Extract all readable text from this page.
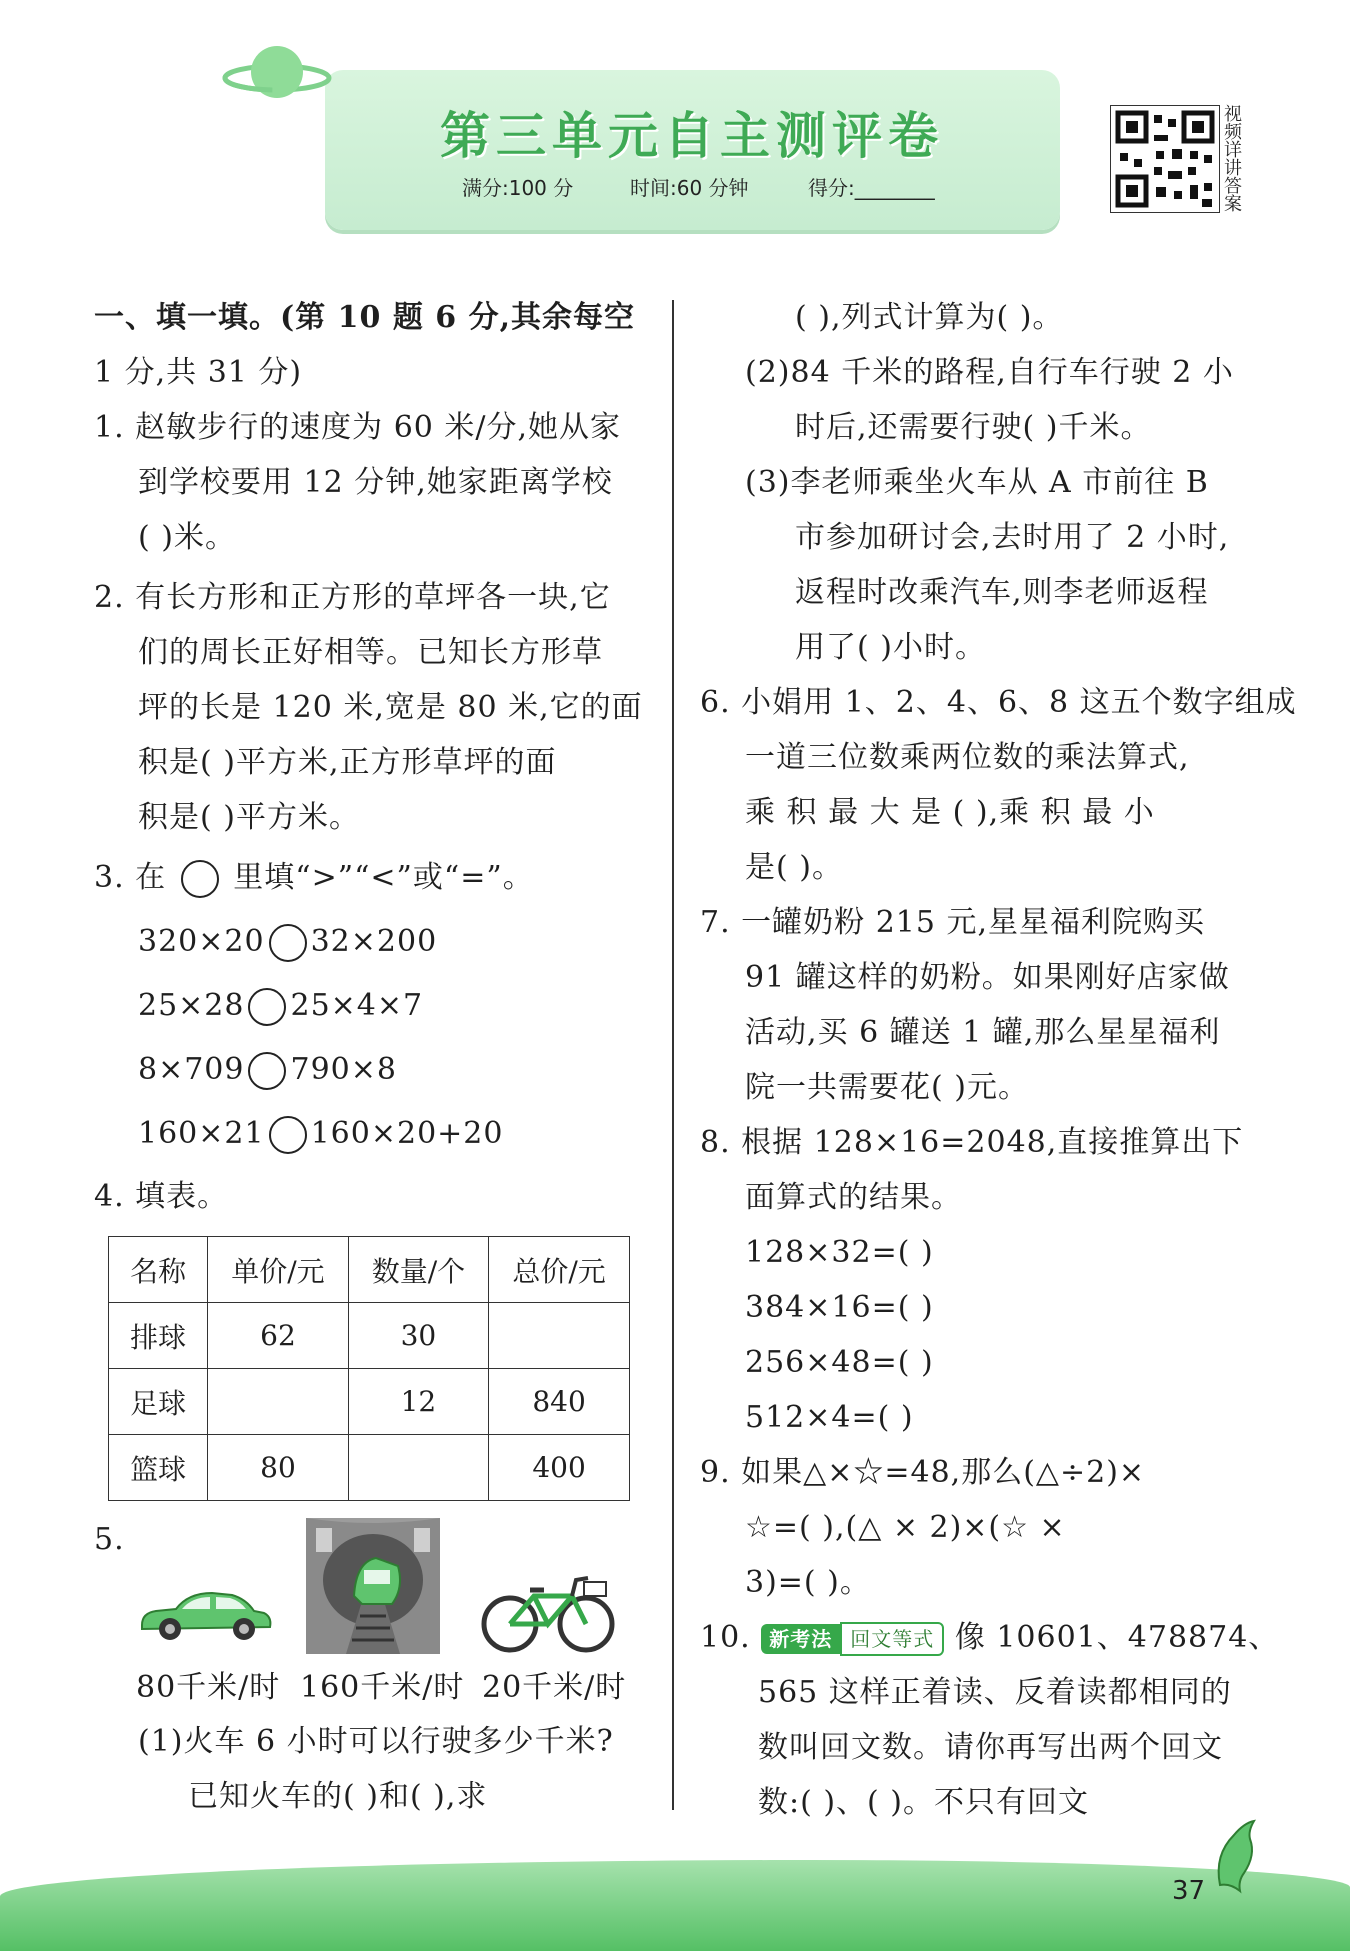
第三单元自主测评卷
满分:100 分	时间:60 分钟	得分:________
视频详讲答案
一、填一填。(第 10 题 6 分,其余每空
1 分,共 31 分)
1. 赵敏步行的速度为 60 米/分,她从家
到学校要用 12 分钟,她家距离学校
( )米。
2. 有长方形和正方形的草坪各一块,它
们的周长正好相等。已知长方形草
坪的长是 120 米,宽是 80 米,它的面
积是( )平方米,正方形草坪的面
积是( )平方米。
3. 在 里填“>”“<”或“=”。
320×20 32×200
25×28 25×4×7
8×709 790×8
160×21 160×20+20
4. 填表。
名称	单价/元	数量/个	总价/元
排球	62	30	
足球		12	840
篮球	80		400
5.
80千米/时 160千米/时 20千米/时
(1)火车 6 小时可以行驶多少千米?
已知火车的( )和( ),求
( ),列式计算为( )。
(2)84 千米的路程,自行车行驶 2 小
时后,还需要行驶( )千米。
(3)李老师乘坐火车从 A 市前往 B
市参加研讨会,去时用了 2 小时,
返程时改乘汽车,则李老师返程
用了( )小时。
6. 小娟用 1、2、4、6、8 这五个数字组成
一道三位数乘两位数的乘法算式,
乘 积 最 大 是 ( ),乘 积 最 小
是( )。
7. 一罐奶粉 215 元,星星福利院购买
91 罐这样的奶粉。如果刚好店家做
活动,买 6 罐送 1 罐,那么星星福利
院一共需要花( )元。
8. 根据 128×16=2048,直接推算出下
面算式的结果。
128×32=( )
384×16=( )
256×48=( )
512×4=( )
9. 如果△×☆=48,那么(△÷2)×
☆=( ),(△ × 2)×(☆ ×
3)=( )。
10. 新考法 回文等式 像 10601、478874、
565 这样正着读、反着读都相同的
数叫回文数。请你再写出两个回文
数:( )、( )。不只有回文
37
